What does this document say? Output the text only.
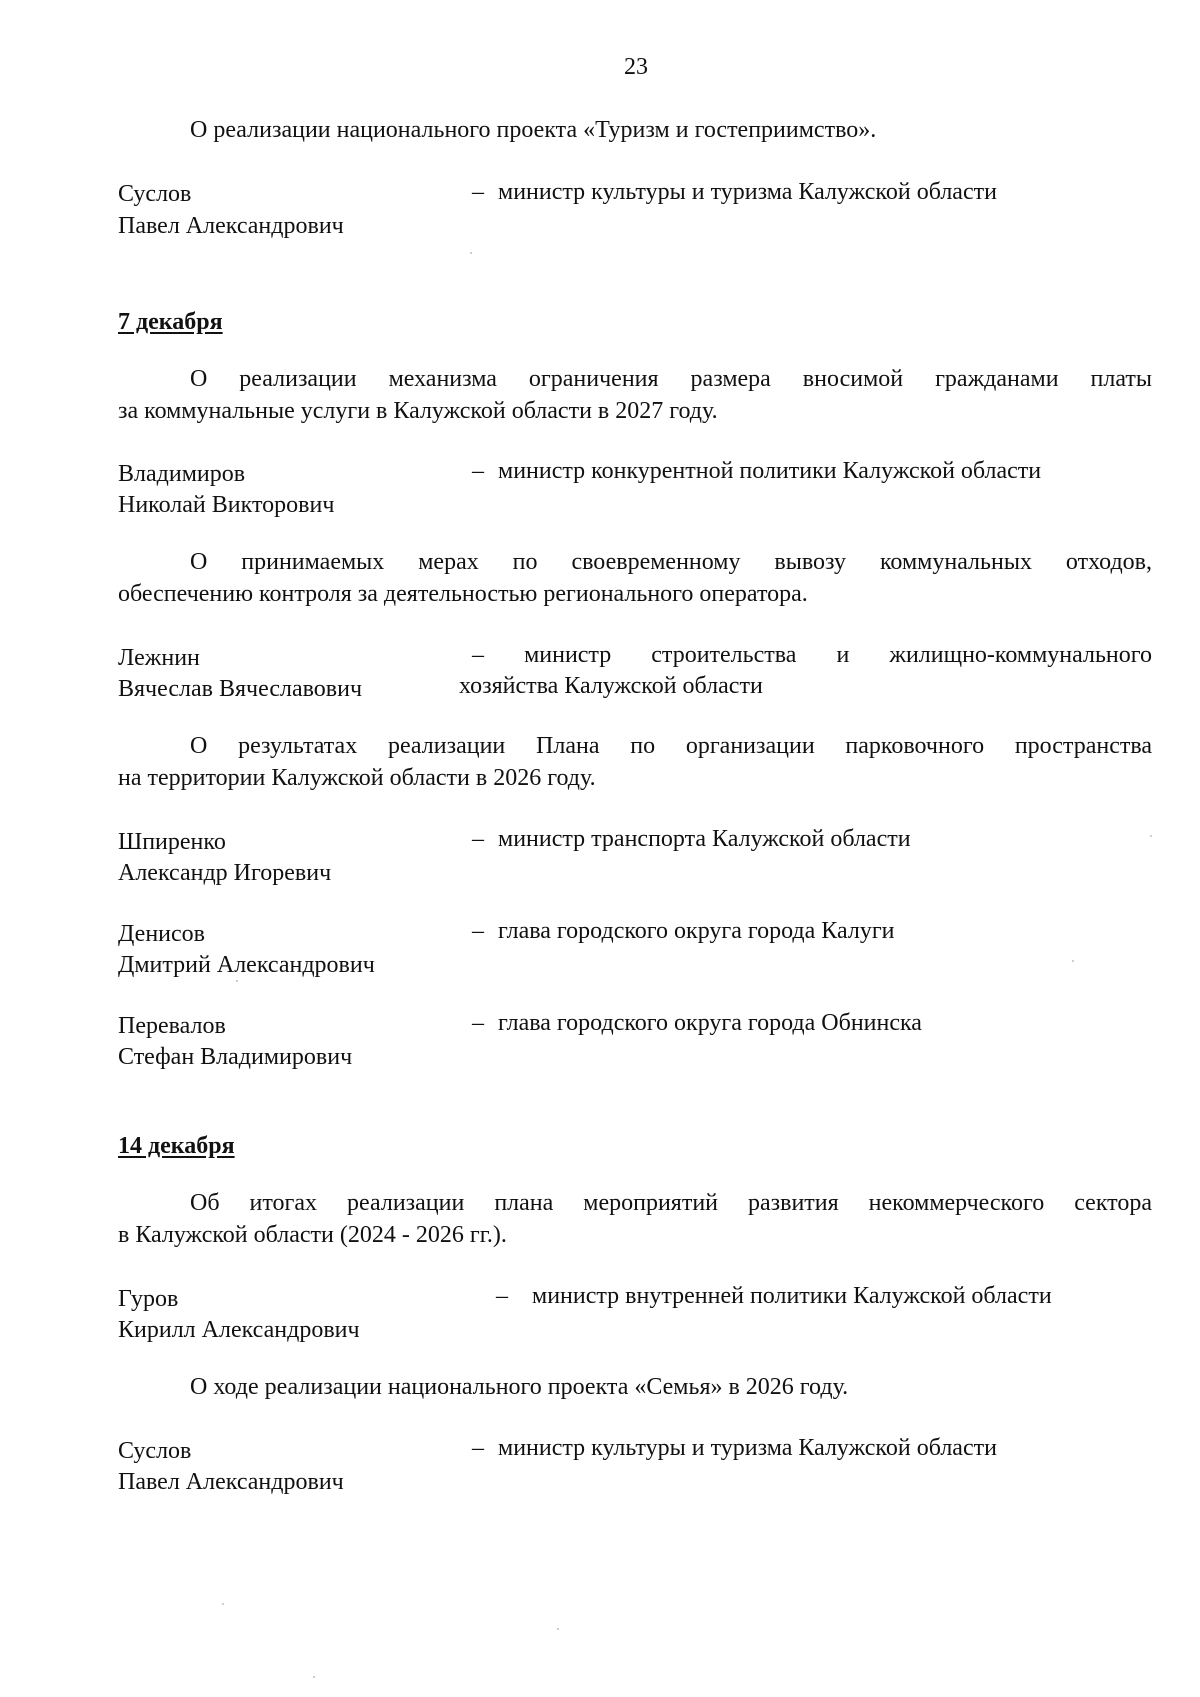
23
О реализации национального проекта «Туризм и гостеприимство».
Суслов
Павел Александрович
– министр культуры и туризма Калужской области
7 декабря
О реализации механизма ограничения размера вносимой гражданами платы
за коммунальные услуги в Калужской области в 2027 году.
Владимиров
Николай Викторович
– министр конкурентной политики Калужской области
О принимаемых мерах по своевременному вывозу коммунальных отходов,
обеспечению контроля за деятельностью регионального оператора.
Лежнин
Вячеслав Вячеславович
– министр строительства и жилищно-коммунального
хозяйства Калужской области
О результатах реализации Плана по организации парковочного пространства
на территории Калужской области в 2026 году.
Шпиренко
Александр Игоревич
– министр транспорта Калужской области
Денисов
Дмитрий Александрович
– глава городского округа города Калуги
Перевалов
Стефан Владимирович
– глава городского округа города Обнинска
14 декабря
Об итогах реализации плана мероприятий развития некоммерческого сектора
в Калужской области (2024 - 2026 гг.).
Гуров
Кирилл Александрович
– министр внутренней политики Калужской области
О ходе реализации национального проекта «Семья» в 2026 году.
Суслов
Павел Александрович
– министр культуры и туризма Калужской области
